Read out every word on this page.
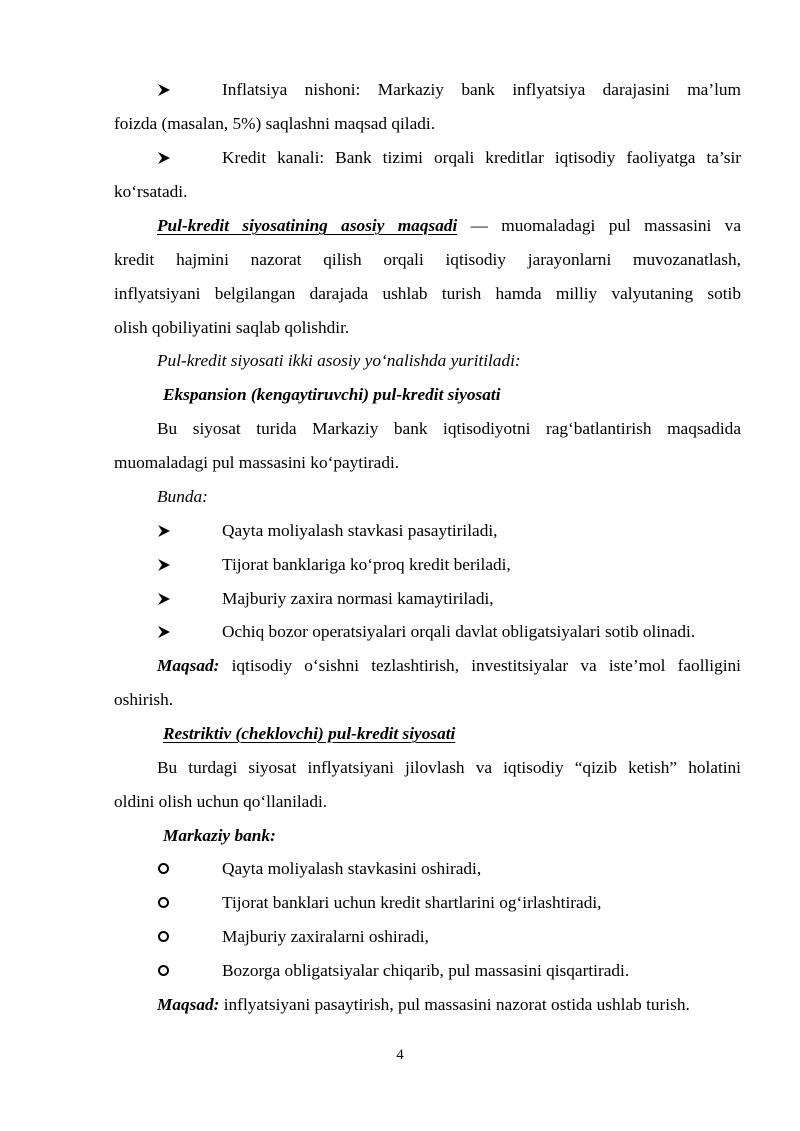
Inflatsiya nishoni: Markaziy bank inflyatsiya darajasini ma’lum
foizda (masalan, 5%) saqlashni maqsad qiladi.
Kredit kanali: Bank tizimi orqali kreditlar iqtisodiy faoliyatga ta’sir
ko‘rsatadi.
Pul-kredit siyosatining asosiy maqsadi — muomaladagi pul massasini va
kredit hajmini nazorat qilish orqali iqtisodiy jarayonlarni muvozanatlash,
inflyatsiyani belgilangan darajada ushlab turish hamda milliy valyutaning sotib
olish qobiliyatini saqlab qolishdir.
Pul-kredit siyosati ikki asosiy yo‘nalishda yuritiladi:
Ekspansion (kengaytiruvchi) pul-kredit siyosati
Bu siyosat turida Markaziy bank iqtisodiyotni rag‘batlantirish maqsadida
muomaladagi pul massasini ko‘paytiradi.
Bunda:
Qayta moliyalash stavkasi pasaytiriladi,
Tijorat banklariga ko‘proq kredit beriladi,
Majburiy zaxira normasi kamaytiriladi,
Ochiq bozor operatsiyalari orqali davlat obligatsiyalari sotib olinadi.
Maqsad: iqtisodiy o‘sishni tezlashtirish, investitsiyalar va iste’mol faolligini
oshirish.
Restriktiv (cheklovchi) pul-kredit siyosati
Bu turdagi siyosat inflyatsiyani jilovlash va iqtisodiy “qizib ketish” holatini
oldini olish uchun qo‘llaniladi.
Markaziy bank:
Qayta moliyalash stavkasini oshiradi,
Tijorat banklari uchun kredit shartlarini og‘irlashtiradi,
Majburiy zaxiralarni oshiradi,
Bozorga obligatsiyalar chiqarib, pul massasini qisqartiradi.
Maqsad: inflyatsiyani pasaytirish, pul massasini nazorat ostida ushlab turish.
4
